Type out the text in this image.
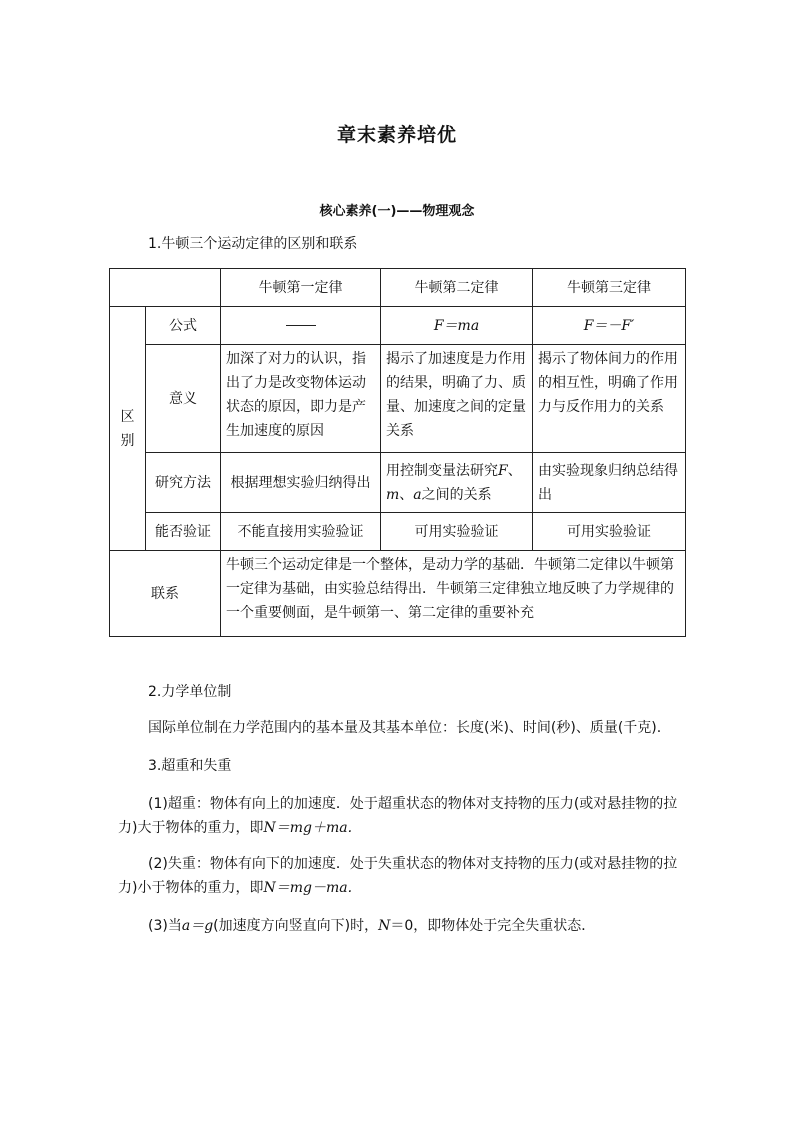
章末素养培优
核心素养(一)——物理观念
1.牛顿三个运动定律的区别和联系
		牛顿第一定律	牛顿第二定律	牛顿第三定律
区别	公式		F＝ma	F＝－F′
	意义	加深了对力的认识，指出了力是改变物体运动状态的原因，即力是产生加速度的原因	揭示了加速度是力作用的结果，明确了力、质量、加速度之间的定量关系	揭示了物体间力的作用的相互性，明确了作用力与反作用力的关系
	研究方法	根据理想实验归纳得出	用控制变量法研究F、m、a之间的关系	由实验现象归纳总结得出
	能否验证	不能直接用实验验证	可用实验验证	可用实验验证
联系		牛顿三个运动定律是一个整体，是动力学的基础．牛顿第二定律以牛顿第一定律为基础，由实验总结得出．牛顿第三定律独立地反映了力学规律的一个重要侧面，是牛顿第一、第二定律的重要补充		
2.力学单位制
国际单位制在力学范围内的基本量及其基本单位：长度(米)、时间(秒)、质量(千克).
3.超重和失重
(1)超重：物体有向上的加速度．处于超重状态的物体对支持物的压力(或对悬挂物的拉
力)大于物体的重力，即N＝mg＋ma.
(2)失重：物体有向下的加速度．处于失重状态的物体对支持物的压力(或对悬挂物的拉
力)小于物体的重力，即N＝mg－ma.
(3)当a＝g(加速度方向竖直向下)时，N＝0，即物体处于完全失重状态．
